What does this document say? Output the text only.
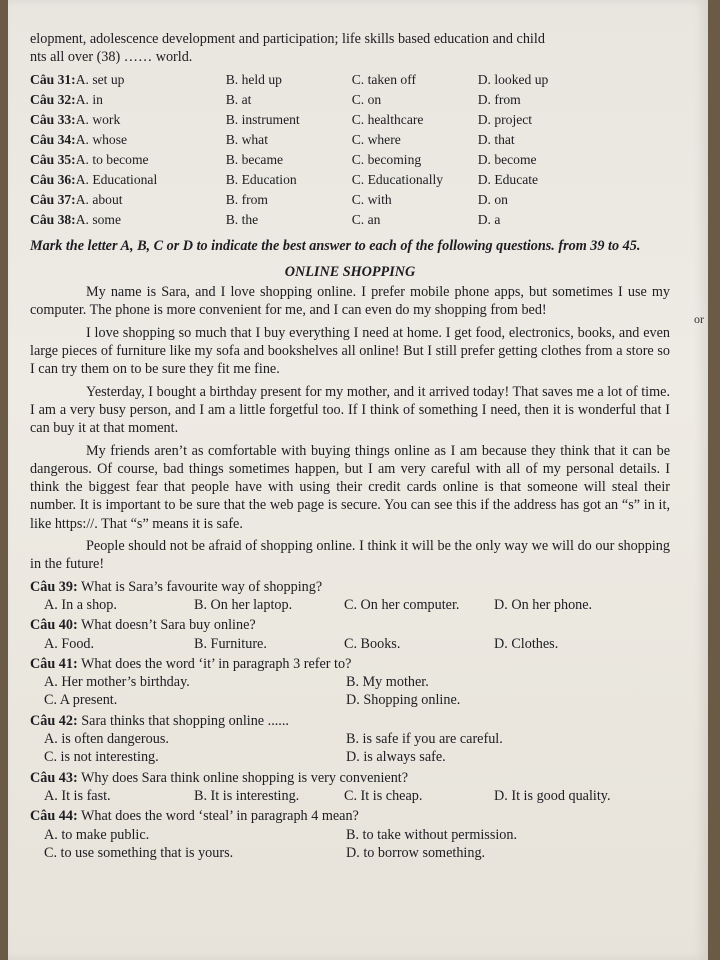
elopment, adolescence development and participation; life skills based education and child
nts all over (38) …… world.

Câu 31:	A. set up	B. held up	C. taken off	D. looked up
Câu 32:	A. in	B. at	C. on	D. from
Câu 33:	A. work	B. instrument	C. healthcare	D. project
Câu 34:	A. whose	B. what	C. where	D. that
Câu 35:	A. to become	B. became	C. becoming	D. become
Câu 36:	A. Educational	B. Education	C. Educationally	D. Educate
Câu 37:	A. about	B. from	C. with	D. on
Câu 38:	A. some	B. the	C. an	D. a
Mark the letter A, B, C or D to indicate the best answer to each of the following questions. from 39 to 45.
ONLINE SHOPPING

My name is Sara, and I love shopping online. I prefer mobile phone apps, but sometimes I use my computer. The phone is more convenient for me, and I can even do my shopping from bed!

I love shopping so much that I buy everything I need at home. I get food, electronics, books, and even large pieces of furniture like my sofa and bookshelves all online! But I still prefer getting clothes from a store so I can try them on to be sure they fit me fine.

Yesterday, I bought a birthday present for my mother, and it arrived today! That saves me a lot of time. I am a very busy person, and I am a little forgetful too. If I think of something I need, then it is wonderful that I can buy it at that moment.

My friends aren’t as comfortable with buying things online as I am because they think that it can be dangerous. Of course, bad things sometimes happen, but I am very careful with all of my personal details. I think the biggest fear that people have with using their credit cards online is that someone will steal their number. It is important to be sure that the web page is secure. You can see this if the address has got an “s” in it, like https://. That “s” means it is safe.

People should not be afraid of shopping online. I think it will be the only way we will do our shopping in the future!

Câu 39: What is Sara’s favourite way of shopping?
A. In a shop.	B. On her laptop.	C. On her computer.	D. On her phone.
Câu 40: What doesn’t Sara buy online?
A. Food.	B. Furniture.	C. Books.	D. Clothes.
Câu 41: What does the word ‘it’ in paragraph 3 refer to?
A. Her mother’s birthday.	B. My mother.
C. A present.	D. Shopping online.
Câu 42: Sara thinks that shopping online ......
A. is often dangerous.	B. is safe if you are careful.
C. is not interesting.	D. is always safe.
Câu 43: Why does Sara think online shopping is very convenient?
A. It is fast.	B. It is interesting.	C. It is cheap.	D. It is good quality.
Câu 44: What does the word ‘steal’ in paragraph 4 mean?
A. to make public.	B. to take without permission.
C. to use something that is yours.	D. to borrow something.
or
